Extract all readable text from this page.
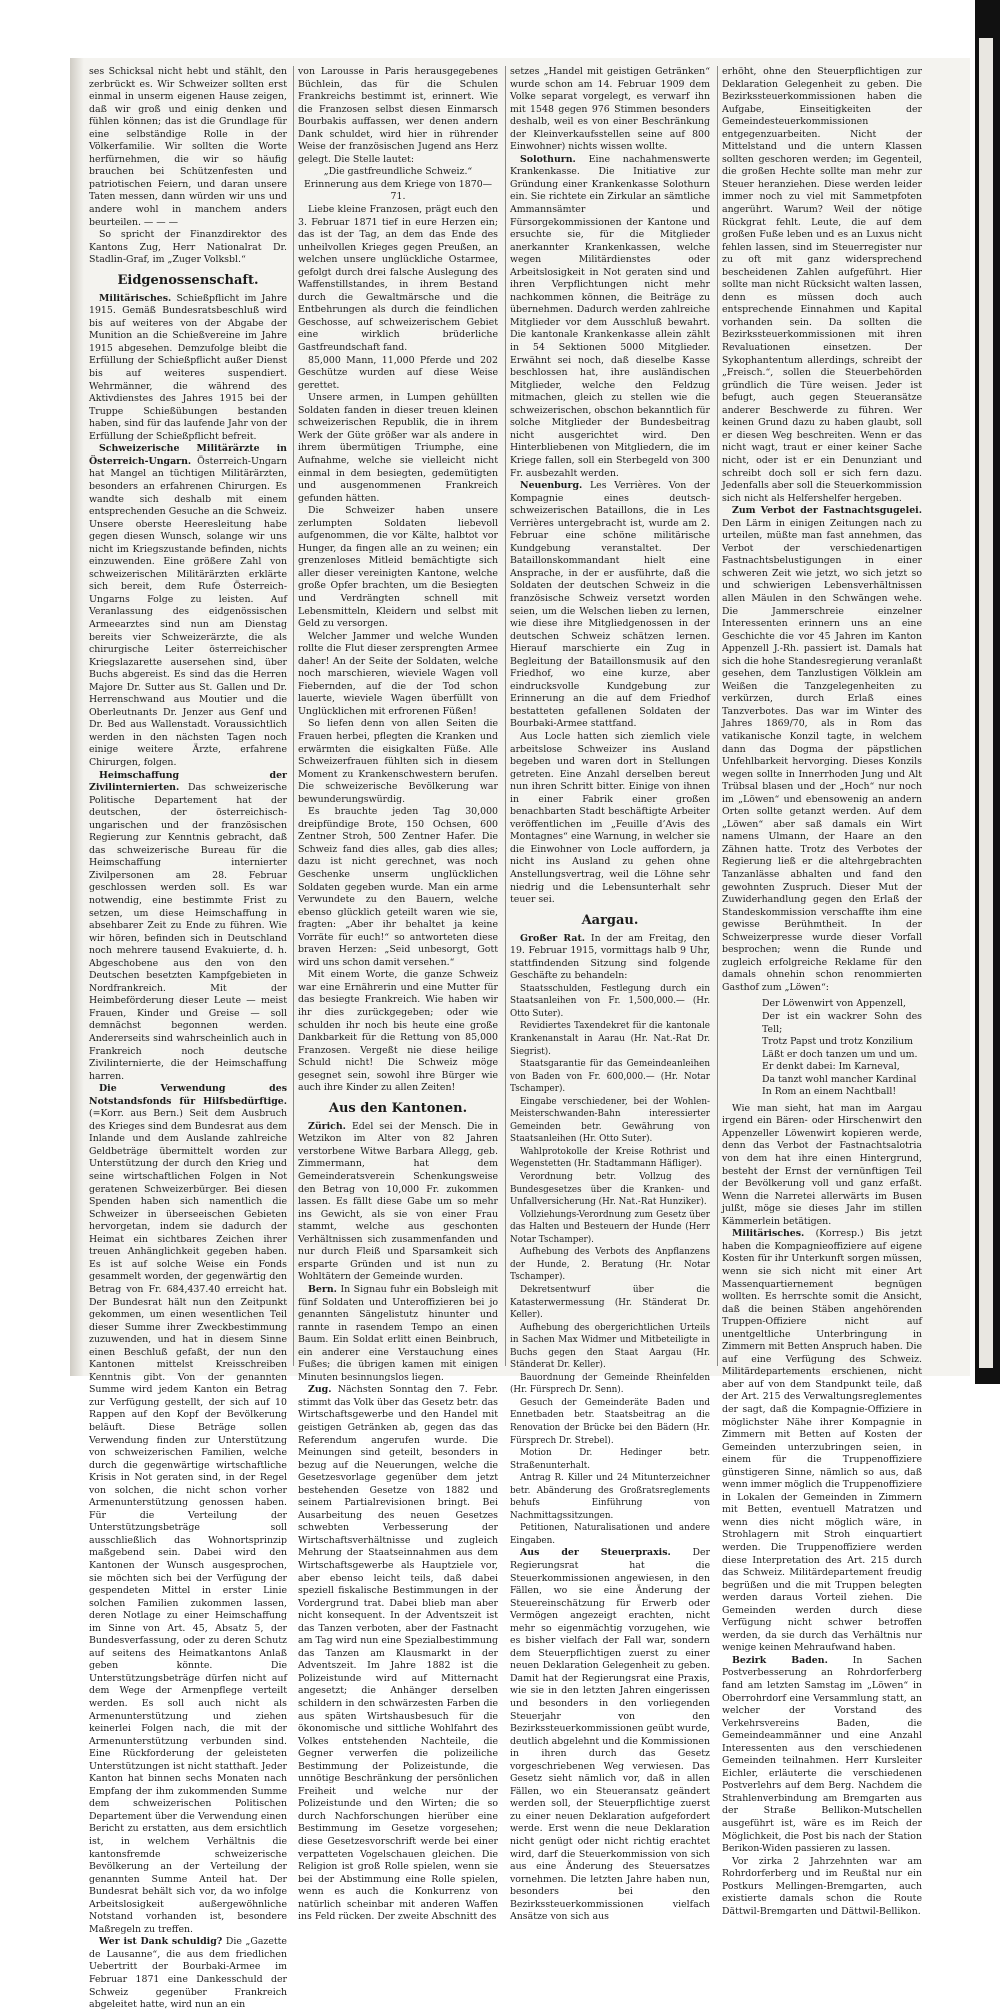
ses Schicksal nicht hebt und stählt, den zerbrückt es. Wir Schweizer sollten erst einmal in unserm eigenen Hause zeigen, daß wir groß und einig denken und fühlen können; das ist die Grundlage für eine selbständige Rolle in der Völkerfamilie. Wir sollten die Worte herfürnehmen, die wir so häufig brauchen bei Schützenfesten und patriotischen Feiern, und daran unsere Taten messen, dann würden wir uns und andere wohl in manchem anders beurteilen. — — —

So spricht der Finanzdirektor des Kantons Zug, Herr Nationalrat Dr. Stadlin-Graf, im „Zuger Volksbl.“

Eidgenossenschaft.

Militärisches. Schießpflicht im Jahre 1915. Gemäß Bundesratsbeschluß wird bis auf weiteres von der Abgabe der Munition an die Schießvereine im Jahre 1915 abgesehen. Demzufolge bleibt die Erfüllung der Schießpflicht außer Dienst bis auf weiteres suspendiert. Wehrmänner, die während des Aktivdienstes des Jahres 1915 bei der Truppe Schießübungen bestanden haben, sind für das laufende Jahr von der Erfüllung der Schießpflicht befreit.

Schweizerische Militärärzte in Österreich-Ungarn. Österreich-Ungarn hat Mangel an tüchtigen Militärärzten, besonders an erfahrenen Chirurgen. Es wandte sich deshalb mit einem entsprechenden Gesuche an die Schweiz. Unsere oberste Heeresleitung habe gegen diesen Wunsch, solange wir uns nicht im Kriegszustande befinden, nichts einzuwenden. Eine größere Zahl von schweizerischen Militärärzten erklärte sich bereit, dem Rufe Österreich-Ungarns Folge zu leisten. Auf Veranlassung des eidgenössischen Armeearztes sind nun am Dienstag bereits vier Schweizerärzte, die als chirurgische Leiter österreichischer Kriegslazarette ausersehen sind, über Buchs abgereist. Es sind das die Herren Majore Dr. Sutter aus St. Gallen und Dr. Herrenschwand aus Moutier und die Oberleutnants Dr. Jenzer aus Genf und Dr. Bed aus Wallenstadt. Voraussichtlich werden in den nächsten Tagen noch einige weitere Ärzte, erfahrene Chirurgen, folgen.

Heimschaffung der Zivilinternierten. Das schweizerische Politische Departement hat der deutschen, der österreichisch-ungarischen und der französischen Regierung zur Kenntnis gebracht, daß das schweizerische Bureau für die Heimschaffung internierter Zivilpersonen am 28. Februar geschlossen werden soll. Es war notwendig, eine bestimmte Frist zu setzen, um diese Heimschaffung in absehbarer Zeit zu Ende zu führen. Wie wir hören, befinden sich in Deutschland noch mehrere tausend Evakuierte, d. h. Abgeschobene aus den von den Deutschen besetzten Kampfgebieten in Nordfrankreich. Mit der Heimbeförderung dieser Leute — meist Frauen, Kinder und Greise — soll demnächst begonnen werden. Andererseits sind wahrscheinlich auch in Frankreich noch deutsche Zivilinternierte, die der Heimschaffung harren.

Die Verwendung des Notstandsfonds für Hilfsbedürftige. (=Korr. aus Bern.) Seit dem Ausbruch des Krieges sind dem Bundesrat aus dem Inlande und dem Auslande zahlreiche Geldbeträge übermittelt worden zur Unterstützung der durch den Krieg und seine wirtschaftlichen Folgen in Not geratenen Schweizerbürger. Bei diesen Spenden haben sich namentlich die Schweizer in überseeischen Gebieten hervorgetan, indem sie dadurch der Heimat ein sichtbares Zeichen ihrer treuen Anhänglichkeit gegeben haben. Es ist auf solche Weise ein Fonds gesammelt worden, der gegenwärtig den Betrag von Fr. 684,437.40 erreicht hat. Der Bundesrat hält nun den Zeitpunkt gekommen, um einen wesentlichen Teil dieser Summe ihrer Zweckbestimmung zuzuwenden, und hat in diesem Sinne einen Beschluß gefaßt, der nun den Kantonen mittelst Kreisschreiben Kenntnis gibt. Von der genannten Summe wird jedem Kanton ein Betrag zur Verfügung gestellt, der sich auf 10 Rappen auf den Kopf der Bevölkerung beläuft. Diese Beträge sollen Verwendung finden zur Unterstützung von schweizerischen Familien, welche durch die gegenwärtige wirtschaftliche Krisis in Not geraten sind, in der Regel von solchen, die nicht schon vorher Armenunterstützung genossen haben. Für die Verteilung der Unterstützungsbeträge soll ausschließlich das Wohnortsprinzip maßgebend sein. Dabei wird den Kantonen der Wunsch ausgesprochen, sie möchten sich bei der Verfügung der gespendeten Mittel in erster Linie solchen Familien zukommen lassen, deren Notlage zu einer Heimschaffung im Sinne von Art. 45, Absatz 5, der Bundesverfassung, oder zu deren Schutz auf seitens des Heimatkantons Anlaß geben könnte. Die Unterstützungsbeträge dürfen nicht auf dem Wege der Armenpflege verteilt werden. Es soll auch nicht als Armenunterstützung und ziehen keinerlei Folgen nach, die mit der Armenunterstützung verbunden sind. Eine Rückforderung der geleisteten Unterstützungen ist nicht statthaft. Jeder Kanton hat binnen sechs Monaten nach Empfang der ihm zukommenden Summe dem schweizerischen Politischen Departement über die Verwendung einen Bericht zu erstatten, aus dem ersichtlich ist, in welchem Verhältnis die kantonsfremde schweizerische Bevölkerung an der Verteilung der genannten Summe Anteil hat. Der Bundesrat behält sich vor, da wo infolge Arbeitslosigkeit außergewöhnliche Notstand vorhanden ist, besondere Maßregeln zu treffen.

Wer ist Dank schuldig? Die „Gazette de Lausanne“, die aus dem friedlichen Uebertritt der Bourbaki-Armee im Februar 1871 eine Dankesschuld der Schweiz gegenüber Frankreich abgeleitet hatte, wird nun an ein

von Larousse in Paris herausgegebenes Büchlein, das für die Schulen Frankreichs bestimmt ist, erinnert. Wie die Franzosen selbst diesen Einmarsch Bourbakis auffassen, wer denen andern Dank schuldet, wird hier in rührender Weise der französischen Jugend ans Herz gelegt. Die Stelle lautet:

„Die gastfreundliche Schweiz.“ Erinnerung aus dem Kriege von 1870—71.

Liebe kleine Franzosen, prägt euch den 3. Februar 1871 tief in eure Herzen ein; das ist der Tag, an dem das Ende des unheilvollen Krieges gegen Preußen, an welchen unsere unglückliche Ostarmee, gefolgt durch drei falsche Auslegung des Waffenstillstandes, in ihrem Bestand durch die Gewaltmärsche und die Entbehrungen als durch die feindlichen Geschosse, auf schweizerischem Gebiet eine wirklich brüderliche Gastfreundschaft fand.

85,000 Mann, 11,000 Pferde und 202 Geschütze wurden auf diese Weise gerettet.

Unsere armen, in Lumpen gehüllten Soldaten fanden in dieser treuen kleinen schweizerischen Republik, die in ihrem Werk der Güte größer war als andere in ihrem übermütigen Triumphe, eine Aufnahme, welche sie vielleicht nicht einmal in dem besiegten, gedemütigten und ausgenommenen Frankreich gefunden hätten.

Die Schweizer haben unsere zerlumpten Soldaten liebevoll aufgenommen, die vor Kälte, halbtot vor Hunger, da fingen alle an zu weinen; ein grenzenloses Mitleid bemächtigte sich aller dieser vereinigten Kantone, welche große Opfer brachten, um die Besiegten und Verdrängten schnell mit Lebensmitteln, Kleidern und selbst mit Geld zu versorgen.

Welcher Jammer und welche Wunden rollte die Flut dieser zersprengten Armee daher! An der Seite der Soldaten, welche noch marschieren, wieviele Wagen voll Fiebernden, auf die der Tod schon lauerte, wieviele Wagen überfüllt von Unglücklichen mit erfrorenen Füßen!

So liefen denn von allen Seiten die Frauen herbei, pflegten die Kranken und erwärmten die eisigkalten Füße. Alle Schweizerfrauen fühlten sich in diesem Moment zu Krankenschwestern berufen. Die schweizerische Bevölkerung war bewunderungswürdig.

Es brauchte jeden Tag 30,000 dreipfündige Brote, 150 Ochsen, 600 Zentner Stroh, 500 Zentner Hafer. Die Schweiz fand dies alles, gab dies alles; dazu ist nicht gerechnet, was noch Geschenke unserm unglücklichen Soldaten gegeben wurde. Man ein arme Verwundete zu den Bauern, welche ebenso glücklich geteilt waren wie sie, fragten: „Aber ihr behaltet ja keine Vorräte für euch!“ so antworteten diese braven Herzen: „Seid unbesorgt, Gott wird uns schon damit versehen.“

Mit einem Worte, die ganze Schweiz war eine Ernährerin und eine Mutter für das besiegte Frankreich. Wie haben wir ihr dies zurückgegeben; oder wie schulden ihr noch bis heute eine große Dankbarkeit für die Rettung von 85,000 Franzosen. Vergeßt nie diese heilige Schuld nicht! Die Schweiz möge gesegnet sein, sowohl ihre Bürger wie auch ihre Kinder zu allen Zeiten!

Aus den Kantonen.

Zürich. Edel sei der Mensch. Die in Wetzikon im Alter von 82 Jahren verstorbene Witwe Barbara Allegg, geb. Zimmermann, hat dem Gemeinderatsverein Schenkungsweise den Betrag von 10,000 Fr. zukommen lassen. Es fällt diese Gabe um so mehr ins Gewicht, als sie von einer Frau stammt, welche aus geschonten Verhältnissen sich zusammenfanden und nur durch Fleiß und Sparsamkeit sich ersparte Gründen und ist nun zu Wohltätern der Gemeinde wurden.

Bern. In Signau fuhr ein Bobsleigh mit fünf Soldaten und Unteroffizieren bei jo genannten Sängelistutz hinunter und rannte in rasendem Tempo an einen Baum. Ein Soldat erlitt einen Beinbruch, ein anderer eine Verstauchung eines Fußes; die übrigen kamen mit einigen Minuten besinnungslos liegen.

Zug. Nächsten Sonntag den 7. Febr. stimmt das Volk über das Gesetz betr. das Wirtschaftsgewerbe und den Handel mit geistigen Getränken ab, gegen das das Referendum angerufen wurde. Die Meinungen sind geteilt, besonders in bezug auf die Neuerungen, welche die Gesetzesvorlage gegenüber dem jetzt bestehenden Gesetze von 1882 und seinem Partialrevisionen bringt. Bei Ausarbeitung des neuen Gesetzes schwebten Verbesserung der Wirtschaftsverhältnisse und zugleich Mehrung der Staatseinnahmen aus dem Wirtschaftsgewerbe als Hauptziele vor, aber ebenso leicht teils, daß dabei speziell fiskalische Bestimmungen in der Vordergrund trat. Dabei blieb man aber nicht konsequent. In der Adventszeit ist das Tanzen verboten, aber der Fastnacht am Tag wird nun eine Spezialbestimmung das Tanzen am Klausmarkt in der Adventszeit. Im Jahre 1882 ist die Polizeistunde wird auf Mitternacht angesetzt; die Anhänger derselben schildern in den schwärzesten Farben die aus späten Wirtshausbesuch für die ökonomische und sittliche Wohlfahrt des Volkes entstehenden Nachteile, die Gegner verwerfen die polizeiliche Bestimmung der Polizeistunde, die unnötige Beschränkung der persönlichen Freiheit und welche nur der Polizeistunde und den Wirten; die so durch Nachforschungen hierüber eine Bestimmung im Gesetze vorgesehen; diese Gesetzesvorschrift werde bei einer verpatteten Vogelschauen gleichen. Die Religion ist groß Rolle spielen, wenn sie bei der Abstimmung eine Rolle spielen, wenn es auch die Konkurrenz von natürlich scheinbar mit anderen Waffen ins Feld rücken. Der zweite Abschnitt des

setzes „Handel mit geistigen Getränken“ wurde schon am 14. Februar 1909 dem Volke separat vorgelegt, es verwarf ihn mit 1548 gegen 976 Stimmen besonders deshalb, weil es von einer Beschränkung der Kleinverkaufsstellen seine auf 800 Einwohner) nichts wissen wollte.

Solothurn. Eine nachahmenswerte Krankenkasse. Die Initiative zur Gründung einer Krankenkasse Solothurn ein. Sie richtete ein Zirkular an sämtliche Ammannsämter und Fürsorgekommissionen der Kantone und ersuchte sie, für die Mitglieder anerkannter Krankenkassen, welche wegen Militärdienstes oder Arbeitslosigkeit in Not geraten sind und ihren Verpflichtungen nicht mehr nachkommen können, die Beiträge zu übernehmen. Dadurch werden zahlreiche Mitglieder vor dem Ausschluß bewahrt. Die kantonale Krankenkasse allein zählt in 54 Sektionen 5000 Mitglieder. Erwähnt sei noch, daß dieselbe Kasse beschlossen hat, ihre ausländischen Mitglieder, welche den Feldzug mitmachen, gleich zu stellen wie die schweizerischen, obschon bekanntlich für solche Mitglieder der Bundesbeitrag nicht ausgerichtet wird. Den Hinterbliebenen von Mitgliedern, die im Kriege fallen, soll ein Sterbegeld von 300 Fr. ausbezahlt werden.

Neuenburg. Les Verrières. Von der Kompagnie eines deutsch-schweizerischen Bataillons, die in Les Verrières untergebracht ist, wurde am 2. Februar eine schöne militärische Kundgebung veranstaltet. Der Bataillonskommandant hielt eine Ansprache, in der er ausführte, daß die Soldaten der deutschen Schweiz in die französische Schweiz versetzt worden seien, um die Welschen lieben zu lernen, wie diese ihre Mitgliedgenossen in der deutschen Schweiz schätzen lernen. Hierauf marschierte ein Zug in Begleitung der Bataillonsmusik auf den Friedhof, wo eine kurze, aber eindrucksvolle Kundgebung zur Erinnerung an die auf dem Friedhof bestatteten gefallenen Soldaten der Bourbaki-Armee stattfand.

Aus Locle hatten sich ziemlich viele arbeitslose Schweizer ins Ausland begeben und waren dort in Stellungen getreten. Eine Anzahl derselben bereut nun ihren Schritt bitter. Einige von ihnen in einer Fabrik einer großen benachbarten Stadt beschäftigte Arbeiter veröffentlichen im „Feuille d’Avis des Montagnes“ eine Warnung, in welcher sie die Einwohner von Locle auffordern, ja nicht ins Ausland zu gehen ohne Anstellungsvertrag, weil die Löhne sehr niedrig und die Lebensunterhalt sehr teuer sei.

Aargau.

Großer Rat. In der am Freitag, den 19. Februar 1915, vormittags halb 9 Uhr, stattfindenden Sitzung sind folgende Geschäfte zu behandeln:

Staatsschulden, Festlegung durch ein Staatsanleihen von Fr. 1,500,000.— (Hr. Otto Suter).

Revidiertes Taxendekret für die kantonale Krankenanstalt in Aarau (Hr. Nat.-Rat Dr. Siegrist).

Staatsgarantie für das Gemeindeanleihen von Baden von Fr. 600,000.— (Hr. Notar Tschamper).

Eingabe verschiedener, bei der Wohlen-Meisterschwanden-Bahn interessierter Gemeinden betr. Gewährung von Staatsanleihen (Hr. Otto Suter).

Wahlprotokolle der Kreise Rothrist und Wegenstetten (Hr. Stadtammann Häfliger).

Verordnung betr. Vollzug des Bundesgesetzes über die Kranken- und Unfallversicherung (Hr. Nat.-Rat Hunziker).

Vollziehungs-Verordnung zum Gesetz über das Halten und Besteuern der Hunde (Herr Notar Tschamper).

Aufhebung des Verbots des Anpflanzens der Hunde, 2. Beratung (Hr. Notar Tschamper).

Dekretsentwurf über die Katasterwermessung (Hr. Ständerat Dr. Keller).

Aufhebung des obergerichtlichen Urteils in Sachen Max Widmer und Mitbeteiligte in Buchs gegen den Staat Aargau (Hr. Ständerat Dr. Keller).

Bauordnung der Gemeinde Rheinfelden (Hr. Fürsprech Dr. Senn).

Gesuch der Gemeinderäte Baden und Ennetbaden betr. Staatsbeitrag an die Renovation der Brücke bei den Bädern (Hr. Fürsprech Dr. Strebel).

Motion Dr. Hedinger betr. Straßenunterhalt.

Antrag R. Killer und 24 Mitunterzeichner betr. Abänderung des Großratsreglements behufs Einführung von Nachmittagssitzungen.

Petitionen, Naturalisationen und andere Eingaben.

Aus der Steuerpraxis. Der Regierungsrat hat die Steuerkommissionen angewiesen, in den Fällen, wo sie eine Änderung der Steuereinschätzung für Erwerb oder Vermögen angezeigt erachten, nicht mehr so eigenmächtig vorzugehen, wie es bisher vielfach der Fall war, sondern dem Steuerpflichtigen zuerst zu einer neuen Deklaration Gelegenheit zu geben. Damit hat der Regierungsrat eine Praxis, wie sie in den letzten Jahren eingerissen und besonders in den vorliegenden Steuerjahr von den Bezirkssteuerkommissionen geübt wurde, deutlich abgelehnt und die Kommissionen in ihren durch das Gesetz vorgeschriebenen Weg verwiesen. Das Gesetz sieht nämlich vor, daß in allen Fällen, wo ein Steueransatz geändert werden soll, der Steuerpflichtige zuerst zu einer neuen Deklaration aufgefordert werde. Erst wenn die neue Deklaration nicht genügt oder nicht richtig erachtet wird, darf die Steuerkommission von sich aus eine Änderung des Steuersatzes vornehmen. Die letzten Jahre haben nun, besonders bei den Bezirkssteuerkommissionen vielfach Ansätze von sich aus

erhöht, ohne den Steuerpflichtigen zur Deklaration Gelegenheit zu geben. Die Bezirkssteuerkommissionen haben die Aufgabe, Einseitigkeiten der Gemeindesteuerkommissionen entgegenzuarbeiten. Nicht der Mittelstand und die untern Klassen sollten geschoren werden; im Gegenteil, die großen Hechte sollte man mehr zur Steuer heranziehen. Diese werden leider immer noch zu viel mit Sammetpfoten angerührt. Warum? Weil der nötige Rückgrat fehlt. Leute, die auf dem großen Fuße leben und es an Luxus nicht fehlen lassen, sind im Steuerregister nur zu oft mit ganz widersprechend bescheidenen Zahlen aufgeführt. Hier sollte man nicht Rücksicht walten lassen, denn es müssen doch auch entsprechende Einnahmen und Kapital vorhanden sein. Da sollten die Bezirkssteuerkommissionen mit ihren Revaluationen einsetzen. Der Sykophantentum allerdings, schreibt der „Freisch.“, sollen die Steuerbehörden gründlich die Türe weisen. Jeder ist befugt, auch gegen Steueransätze anderer Beschwerde zu führen. Wer keinen Grund dazu zu haben glaubt, soll er diesen Weg beschreiten. Wenn er das nicht wagt, traut er einer keiner Sache nicht, oder ist er ein Denunziant und schreibt doch soll er sich fern dazu. Jedenfalls aber soll die Steuerkommission sich nicht als Helfershelfer hergeben.

Zum Verbot der Fastnachtsgugelei. Den Lärm in einigen Zeitungen nach zu urteilen, müßte man fast annehmen, das Verbot der verschiedenartigen Fastnachtsbelustigungen in einer schweren Zeit wie jetzt, wo sich jetzt so und schwierigen Lebensverhältnissen allen Mäulen in den Schwängen wehe. Die Jammerschreie einzelner Interessenten erinnern uns an eine Geschichte die vor 45 Jahren im Kanton Appenzell J.-Rh. passiert ist. Damals hat sich die hohe Standesregierung veranlaßt gesehen, dem Tanzlustigen Völklein am Weißen die Tanzgelegenheiten zu verkürzen, durch Erlaß eines Tanzverbotes. Das war im Winter des Jahres 1869/70, als in Rom das vatikanische Konzil tagte, in welchem dann das Dogma der päpstlichen Unfehlbarkeit hervorging. Dieses Konzils wegen sollte in Innerrhoden Jung und Alt Trübsal blasen und der „Hoch“ nur noch im „Löwen“ und ebensowenig an andern Orten sollte getanzt werden. Auf dem „Löwen“ aber saß damals ein Wirt namens Ulmann, der Haare an den Zähnen hatte. Trotz des Verbotes der Regierung ließ er die altehrgebrachten Tanzanlässe abhalten und fand den gewohnten Zuspruch. Dieser Mut der Zuwiderhandlung gegen den Erlaß der Standeskommission verschaffte ihm eine gewisse Berühmtheit. In der Schweizerpresse wurde dieser Vorfall besprochen; wenn die Runde und zugleich erfolgreiche Reklame für den damals ohnehin schon renommierten Gasthof zum „Löwen“:

Der Löwenwirt von Appenzell,

Der ist ein wackrer Sohn des Tell;

Trotz Papst und trotz Konzilium

Läßt er doch tanzen um und um.

Er denkt dabei: Im Karneval,

Da tanzt wohl mancher Kardinal

In Rom an einem Nachtball!

Wie man sieht, hat man im Aargau irgend ein Bären- oder Hirschenwirt den Appenzeller Löwenwirt kopieren werde, denn das Verbot der Fastnachtsalotria von dem hat ihre einen Hintergrund, besteht der Ernst der vernünftigen Teil der Bevölkerung voll und ganz erfaßt. Wenn die Narretei allerwärts im Busen julßt, möge sie dieses Jahr im stillen Kämmerlein betätigen.

Militärisches. (Korresp.) Bis jetzt haben die Kompagnieoffiziere auf eigene Kosten für ihr Unterkunft sorgen müssen, wenn sie sich nicht mit einer Art Massenquartiernement begnügen wollten. Es herrschte somit die Ansicht, daß die beinen Stäben angehörenden Truppen-Offiziere nicht auf unentgeltliche Unterbringung in Zimmern mit Betten Anspruch haben. Die auf eine Verfügung des Schweiz. Militärdepartements erschienen, nicht aber auf von dem Standpunkt teile, daß der Art. 215 des Verwaltungsreglementes der sagt, daß die Kompagnie-Offiziere in möglichster Nähe ihrer Kompagnie in Zimmern mit Betten auf Kosten der Gemeinden unterzubringen seien, in einem für die Truppenoffiziere günstigeren Sinne, nämlich so aus, daß wenn immer möglich die Truppenoffiziere in Lokalen der Gemeinden in Zimmern mit Betten, eventuell Matratzen und wenn dies nicht möglich wäre, in Strohlagern mit Stroh einquartiert werden. Die Truppenoffiziere werden diese Interpretation des Art. 215 durch das Schweiz. Militärdepartement freudig begrüßen und die mit Truppen belegten werden daraus Vorteil ziehen. Die Gemeinden werden durch diese Verfügung nicht schwer betroffen werden, da sie durch das Verhältnis nur wenige keinen Mehraufwand haben.

Bezirk Baden.	In Sachen Postverbesserung an Rohrdorferberg fand am letzten Samstag im „Löwen“ in Oberrohrdorf eine Versammlung statt, an welcher der Vorstand des Verkehrsvereins Baden, die Gemeindeammänner und eine Anzahl Interessenten aus den verschiedenen Gemeinden teilnahmen. Herr Kursleiter Eichler, erläuterte die verschiedenen Postverlehrs auf dem Berg. Nachdem die Strahlenverbindung am Bremgarten aus der Straße Bellikon-Mutschellen ausgeführt ist, wäre es im Reich der Möglichkeit, die Post bis nach der Station Berikon-Widen passieren zu lassen.

Vor zirka 2 Jahrzehnten war am Rohrdorferberg und im Reußtal nur ein Postkurs Mellingen-Bremgarten, auch existierte damals schon die Route Dättwil-Bremgarten und Dättwil-Bellikon.
